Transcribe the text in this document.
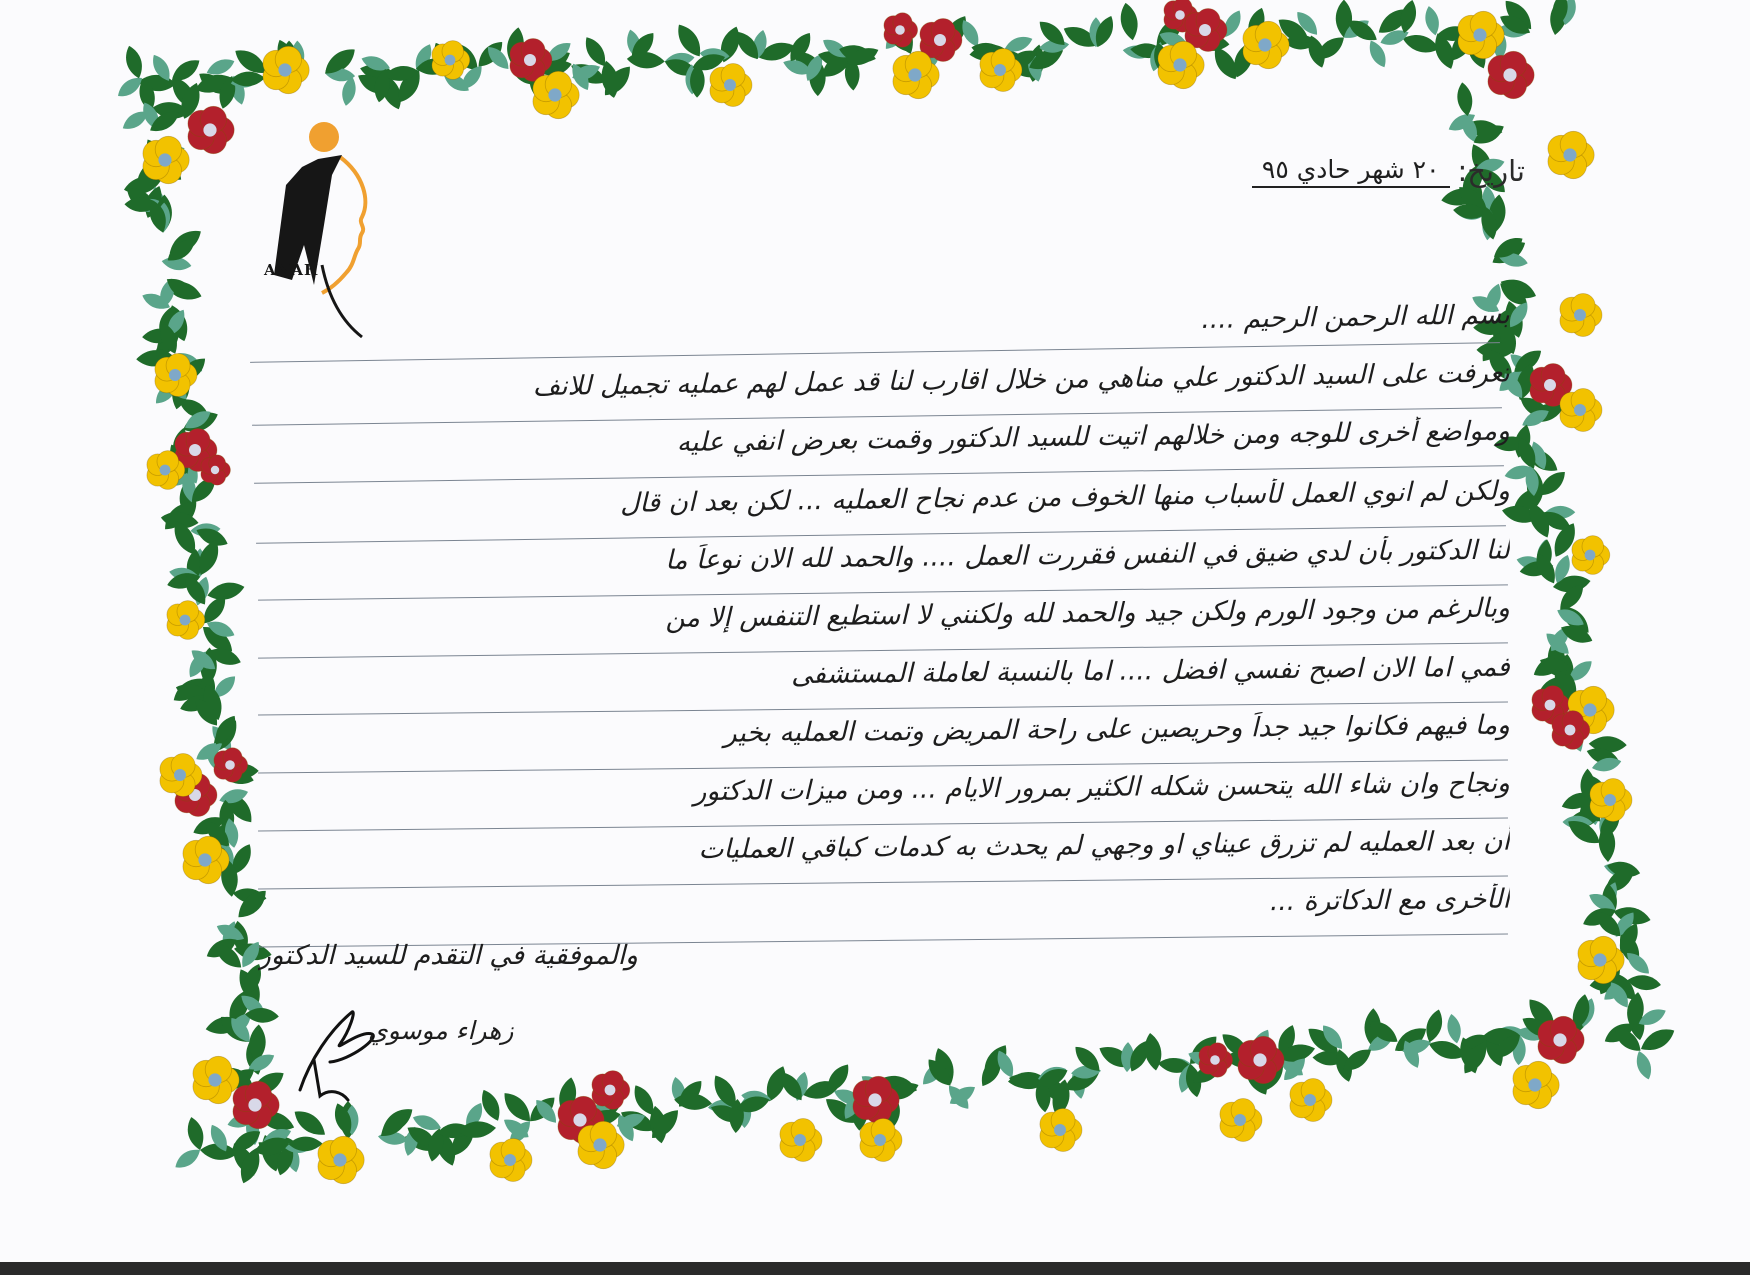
ANAH
تاريخ:
٢٠ شهر حادي ٩٥
بسم الله الرحمن الرحيم ....
تعرفت على السيد الدكتور علي مناهي من خلال اقارب لنا قد عمل لهم عمليه تجميل للانف
ومواضع أخرى للوجه ومن خلالهم اتيت للسيد الدكتور وقمت بعرض انفي عليه
ولكن لم انوي العمل لأسباب منها الخوف من عدم نجاح العمليه ... لكن بعد ان قال
لنا الدكتور بأن لدي ضيق في النفس فقررت العمل .... والحمد لله الان نوعاً ما
وبالرغم من وجود الورم ولكن جيد والحمد لله ولكنني لا استطيع التنفس إلا من
فمي اما الان اصبح نفسي افضل .... اما بالنسبة لعاملة المستشفى
وما فيهم فكانوا جيد جداً وحريصين على راحة المريض وتمت العمليه بخير
ونجاح وان شاء الله يتحسن شكله الكثير بمرور الايام ... ومن ميزات الدكتور
أن بعد العمليه لم تزرق عيناي او وجهي لم يحدث به كدمات كباقي العمليات
الأخرى مع الدكاترة ...
والموفقية في التقدم للسيد الدكتور
زهراء موسوي
